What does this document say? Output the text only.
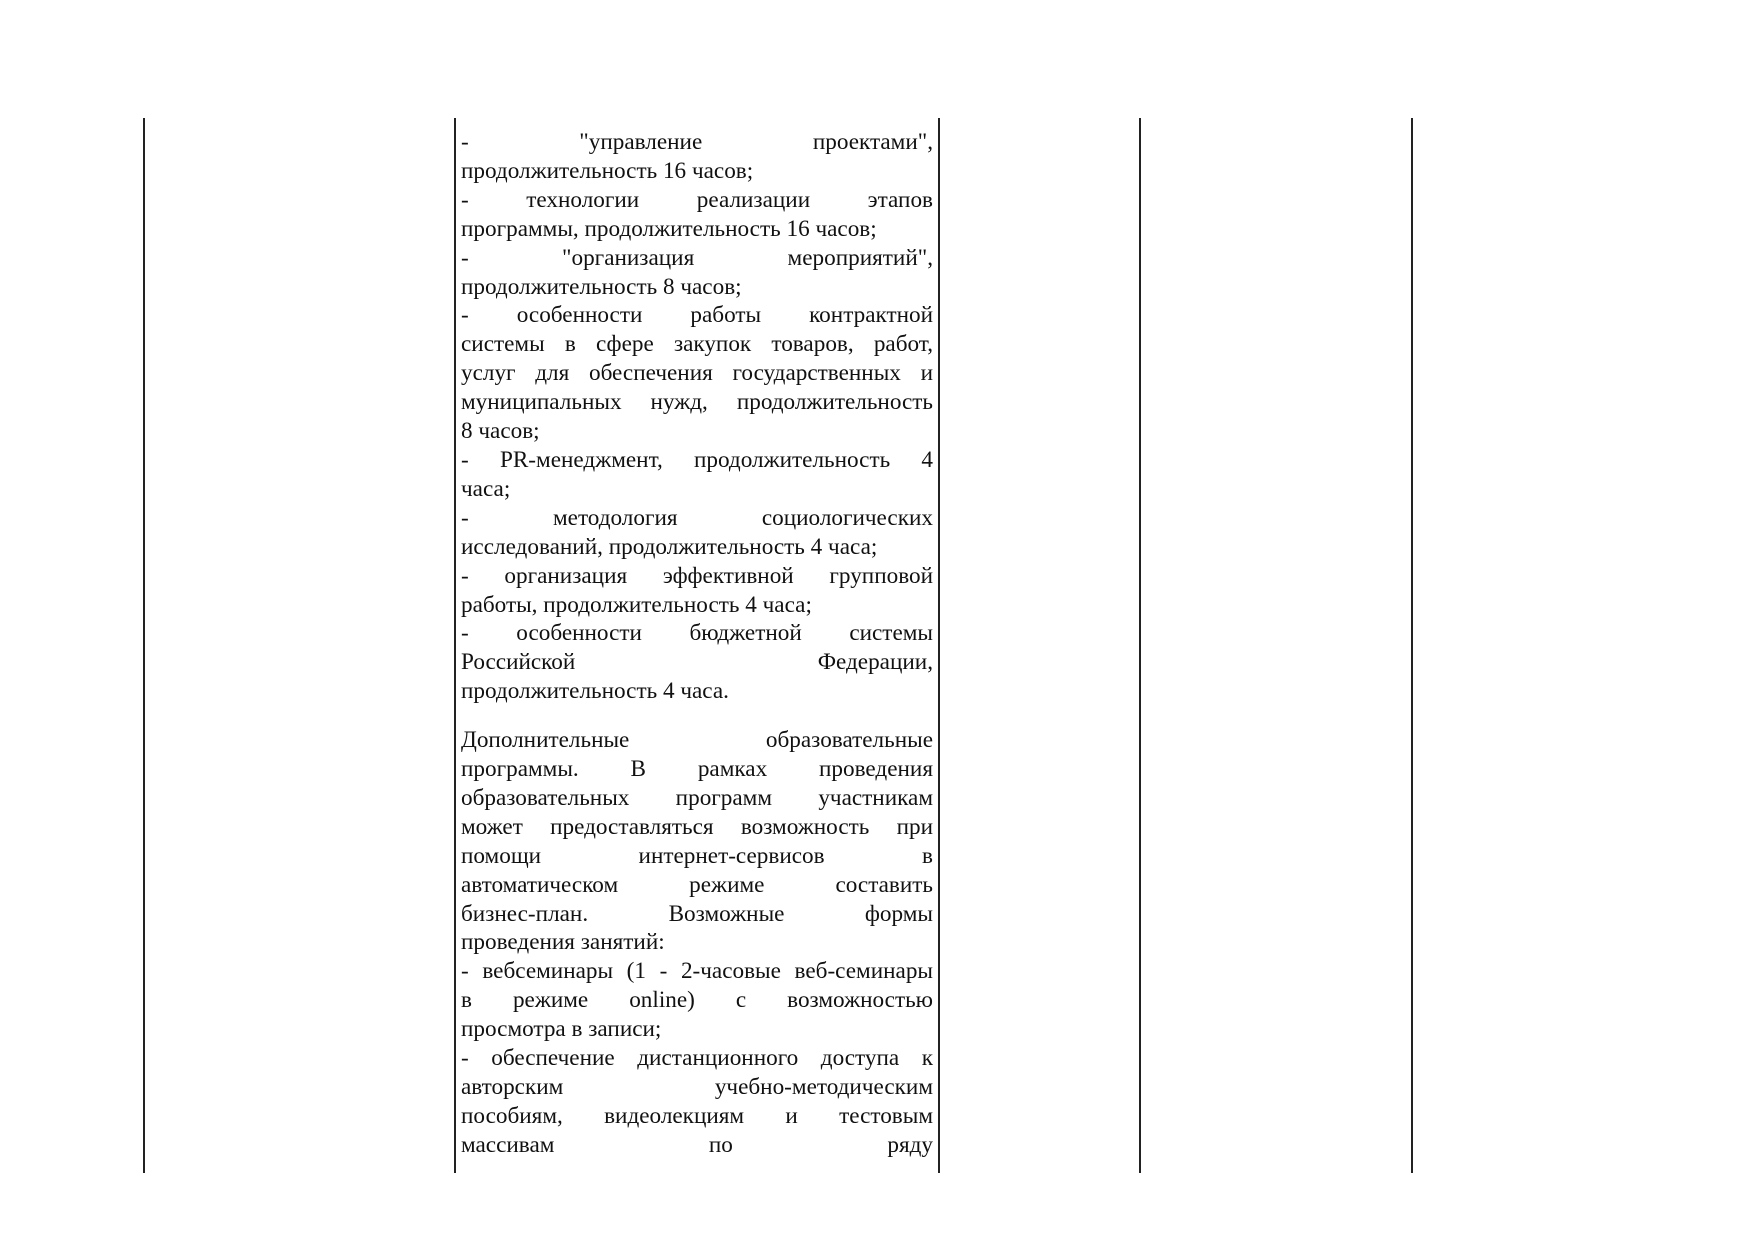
- "управление проектами",
продолжительность 16 часов;
- технологии реализации этапов
программы, продолжительность 16 часов;
- "организация мероприятий",
продолжительность 8 часов;
- особенности работы контрактной
системы в сфере закупок товаров, работ,
услуг для обеспечения государственных и
муниципальных нужд, продолжительность
8 часов;
- PR-менеджмент, продолжительность 4
часа;
- методология социологических
исследований, продолжительность 4 часа;
- организация эффективной групповой
работы, продолжительность 4 часа;
- особенности бюджетной системы
Российской Федерации,
продолжительность 4 часа.
Дополнительные образовательные
программы. В рамках проведения
образовательных программ участникам
может предоставляться возможность при
помощи интернет-сервисов в
автоматическом режиме составить
бизнес-план. Возможные формы
проведения занятий:
- вебсеминары (1 - 2-часовые веб-семинары
в режиме online) с возможностью
просмотра в записи;
- обеспечение дистанционного доступа к
авторским учебно-методическим
пособиям, видеолекциям и тестовым
массивам по ряду
